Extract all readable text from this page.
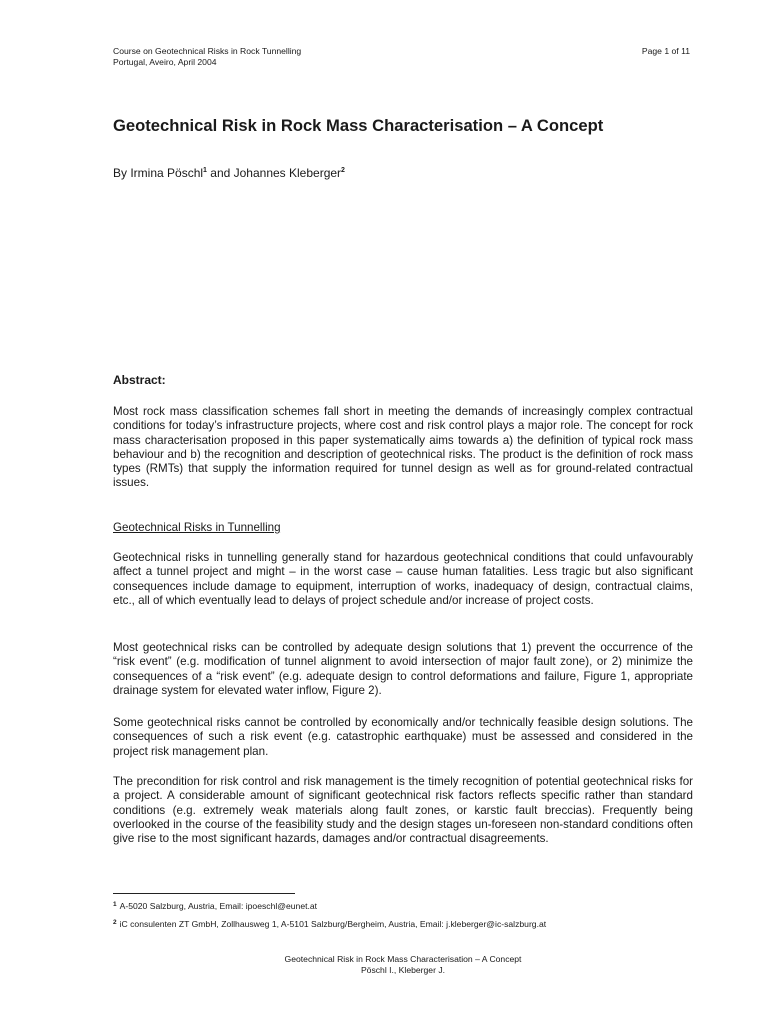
Course on Geotechnical Risks in Rock Tunnelling
Portugal, Aveiro, April 2004
Page 1 of 11
Geotechnical Risk in Rock Mass Characterisation – A Concept
By Irmina Pöschl$^1$ and Johannes Kleberger$^2$
Abstract:

Most rock mass classification schemes fall short in meeting the demands of increasingly complex contractual conditions for today’s infrastructure projects, where cost and risk control plays a major role. The concept for rock mass characterisation proposed in this paper systematically aims towards a) the definition of typical rock mass behaviour and b) the recognition and description of geotechnical risks. The product is the definition of rock mass types (RMTs) that supply the information required for tunnel design as well as for ground-related contractual issues.

Geotechnical Risks in Tunnelling

Geotechnical risks in tunnelling generally stand for hazardous geotechnical conditions that could unfavourably affect a tunnel project and might – in the worst case – cause human fatalities. Less tragic but also significant consequences include damage to equipment, interruption of works, inadequacy of design, contractual claims, etc., all of which eventually lead to delays of project schedule and/or increase of project costs.

Most geotechnical risks can be controlled by adequate design solutions that 1) prevent the occurrence of the “risk event” (e.g. modification of tunnel alignment to avoid intersection of major fault zone), or 2) minimize the consequences of a “risk event” (e.g. adequate design to control deformations and failure, Figure 1, appropriate drainage system for elevated water inflow, Figure 2).

Some geotechnical risks cannot be controlled by economically and/or technically feasible design solutions. The consequences of such a risk event (e.g. catastrophic earthquake) must be assessed and considered in the project risk management plan.

The precondition for risk control and risk management is the timely recognition of potential geotechnical risks for a project. A considerable amount of significant geotechnical risk factors reflects specific rather than standard conditions (e.g. extremely weak materials along fault zones, or karstic fault breccias). Frequently being overlooked in the course of the feasibility study and the design stages un-foreseen non-standard conditions often give rise to the most significant hazards, damages and/or contractual disagreements.

$^1$ A-5020 Salzburg, Austria, Email: ipoeschl@eunet.at
$^2$ iC consulenten ZT GmbH, Zollhausweg 1, A-5101 Salzburg/Bergheim, Austria, Email: j.kleberger@ic-salzburg.at
Geotechnical Risk in Rock Mass Characterisation – A Concept
Pöschl I., Kleberger J.
